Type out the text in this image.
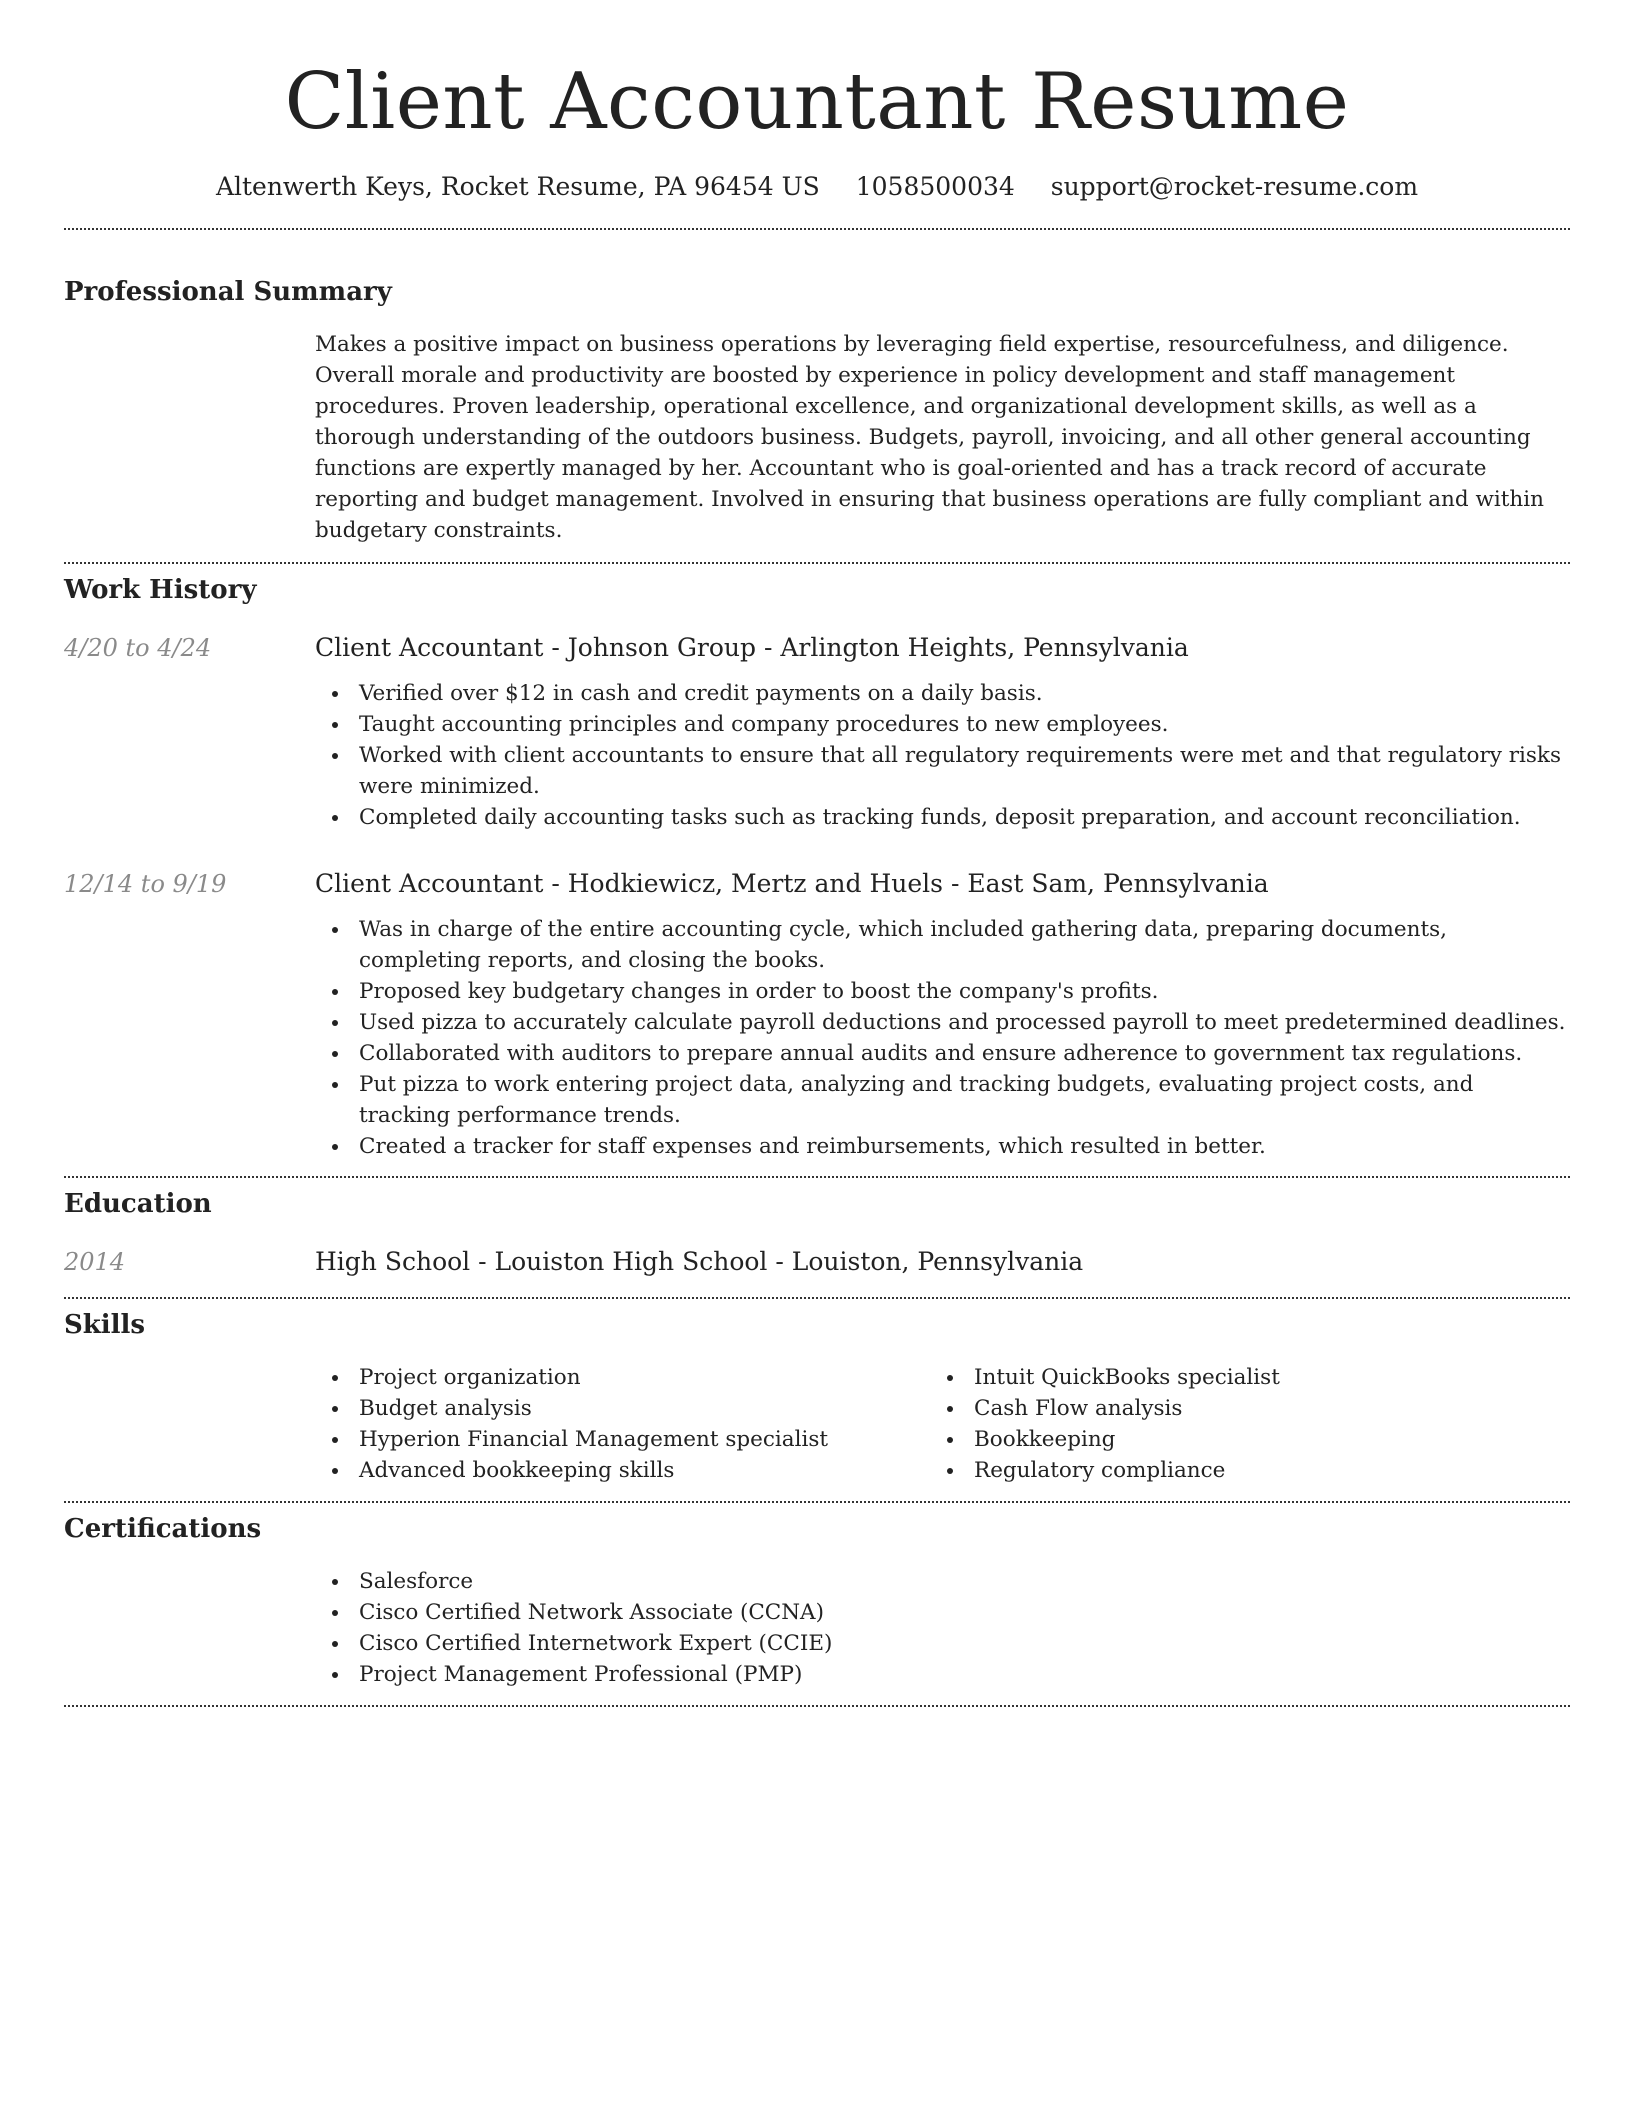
Client Accountant Resume
Altenwerth Keys, Rocket Resume, PA 96454 US 1058500034 support@rocket-resume.com
Professional Summary

Makes a positive impact on business operations by leveraging field expertise, resourcefulness, and diligence. Overall morale and productivity are boosted by experience in policy development and staff management procedures. Proven leadership, operational excellence, and organizational development skills, as well as a thorough understanding of the outdoors business. Budgets, payroll, invoicing, and all other general accounting functions are expertly managed by her. Accountant who is goal-oriented and has a track record of accurate reporting and budget management. Involved in ensuring that business operations are fully compliant and within budgetary constraints.

Work History
4/20 to 4/24	Client Accountant - Johnson Group - Arlington Heights, Pennsylvania
Verified over $12 in cash and credit payments on a daily basis.
Taught accounting principles and company procedures to new employees.
Worked with client accountants to ensure that all regulatory requirements were met and that regulatory risks were minimized.
Completed daily accounting tasks such as tracking funds, deposit preparation, and account reconciliation.
12/14 to 9/19	Client Accountant - Hodkiewicz, Mertz and Huels - East Sam, Pennsylvania
Was in charge of the entire accounting cycle, which included gathering data, preparing documents, completing reports, and closing the books.
Proposed key budgetary changes in order to boost the company's profits.
Used pizza to accurately calculate payroll deductions and processed payroll to meet predetermined deadlines.
Collaborated with auditors to prepare annual audits and ensure adherence to government tax regulations.
Put pizza to work entering project data, analyzing and tracking budgets, evaluating project costs, and tracking performance trends.
Created a tracker for staff expenses and reimbursements, which resulted in better.
Education
2014	High School - Louiston High School - Louiston, Pennsylvania
Skills
Project organization
Budget analysis
Hyperion Financial Management specialist
Advanced bookkeeping skills
Intuit QuickBooks specialist
Cash Flow analysis
Bookkeeping
Regulatory compliance
Certifications
Salesforce
Cisco Certified Network Associate (CCNA)
Cisco Certified Internetwork Expert (CCIE)
Project Management Professional (PMP)
